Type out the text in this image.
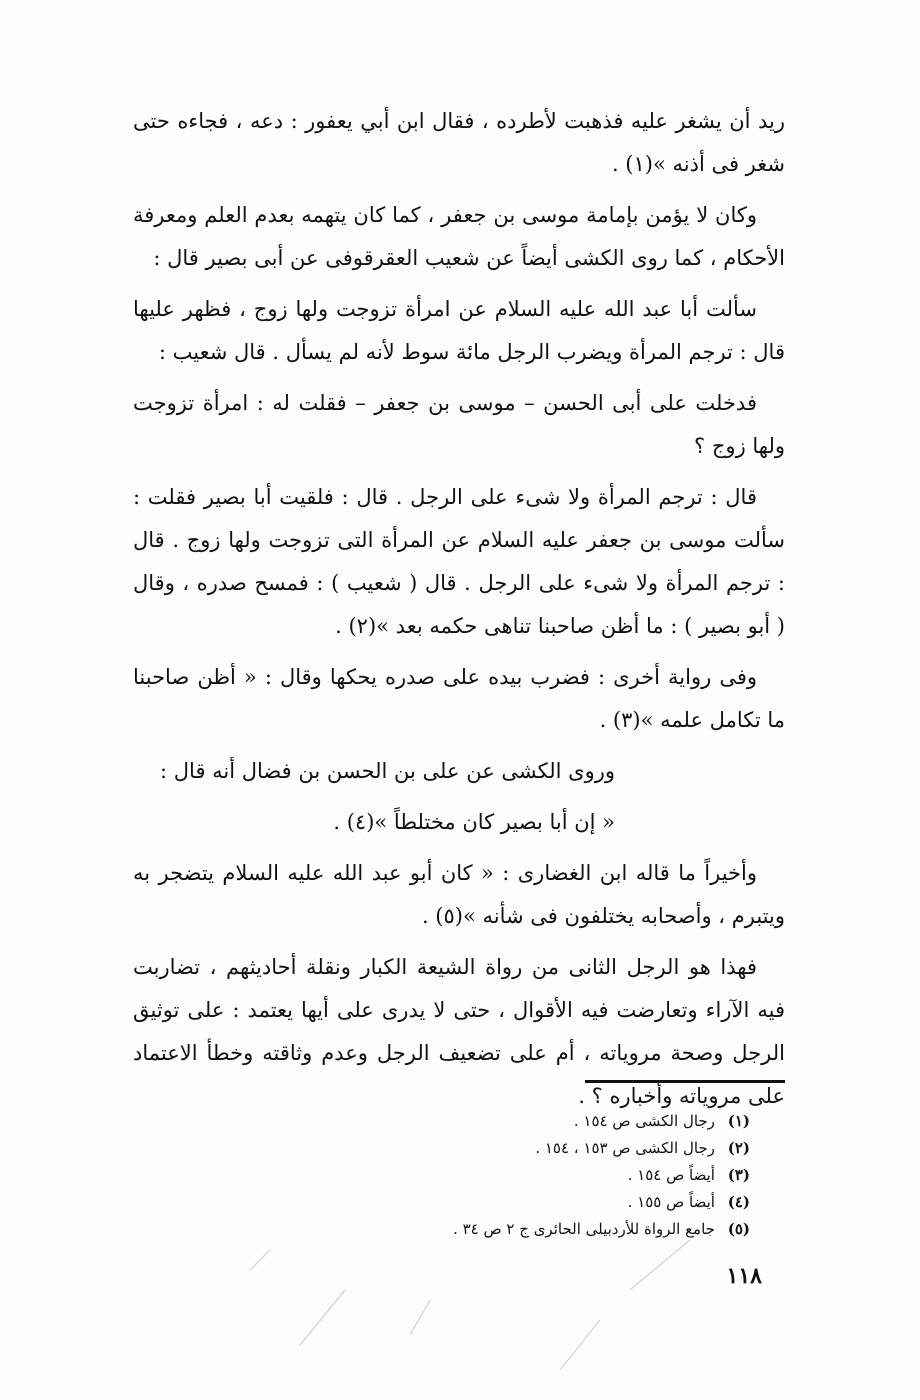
ريد أن يشغر عليه فذهبت لأطرده ، فقال ابن أبي يعفور : دعه ، فجاءه حتى شغر فى أذنه »(١) .

وكان لا يؤمن بإمامة موسى بن جعفر ، كما كان يتهمه بعدم العلم ومعرفة الأحكام ، كما روى الكشى أيضاً عن شعيب العقرقوفى عن أبى بصير قال :

سألت أبا عبد الله عليه السلام عن امرأة تزوجت ولها زوج ، فظهر عليها قال : ترجم المرأة ويضرب الرجل مائة سوط لأنه لم يسأل . قال شعيب :

فدخلت على أبى الحسن – موسى بن جعفر – فقلت له : امرأة تزوجت ولها زوج ؟

قال : ترجم المرأة ولا شىء على الرجل . قال : فلقيت أبا بصير فقلت : سألت موسى بن جعفر عليه السلام عن المرأة التى تزوجت ولها زوج . قال : ترجم المرأة ولا شىء على الرجل . قال ( شعيب ) : فمسح صدره ، وقال ( أبو بصير ) : ما أظن صاحبنا تناهى حكمه بعد »(٢) .

وفى رواية أخرى : فضرب بيده على صدره يحكها وقال : « أظن صاحبنا ما تكامل علمه »(٣) .

وروى الكشى عن على بن الحسن بن فضال أنه قال :

« إن أبا بصير كان مختلطاً »(٤) .

وأخيراً ما قاله ابن الغضارى : « كان أبو عبد الله عليه السلام يتضجر به ويتبرم ، وأصحابه يختلفون فى شأنه »(٥) .

فهذا هو الرجل الثانى من رواة الشيعة الكبار ونقلة أحاديثهم ، تضاربت فيه الآراء وتعارضت فيه الأقوال ، حتى لا يدرى على أيها يعتمد : على توثيق الرجل وصحة مروياته ، أم على تضعيف الرجل وعدم وثاقته وخطأ الاعتماد على مروياته وأخباره ؟ .

(١) رجال الكشى ص ١٥٤ .

(٢) رجال الكشى ص ١٥٣ ، ١٥٤ .

(٣) أيضاً ص ١٥٤ .

(٤) أيضاً ص ١٥٥ .

(٥) جامع الرواة للأردبيلى الحائرى ج ٢ ص ٣٤ .

١١٨
